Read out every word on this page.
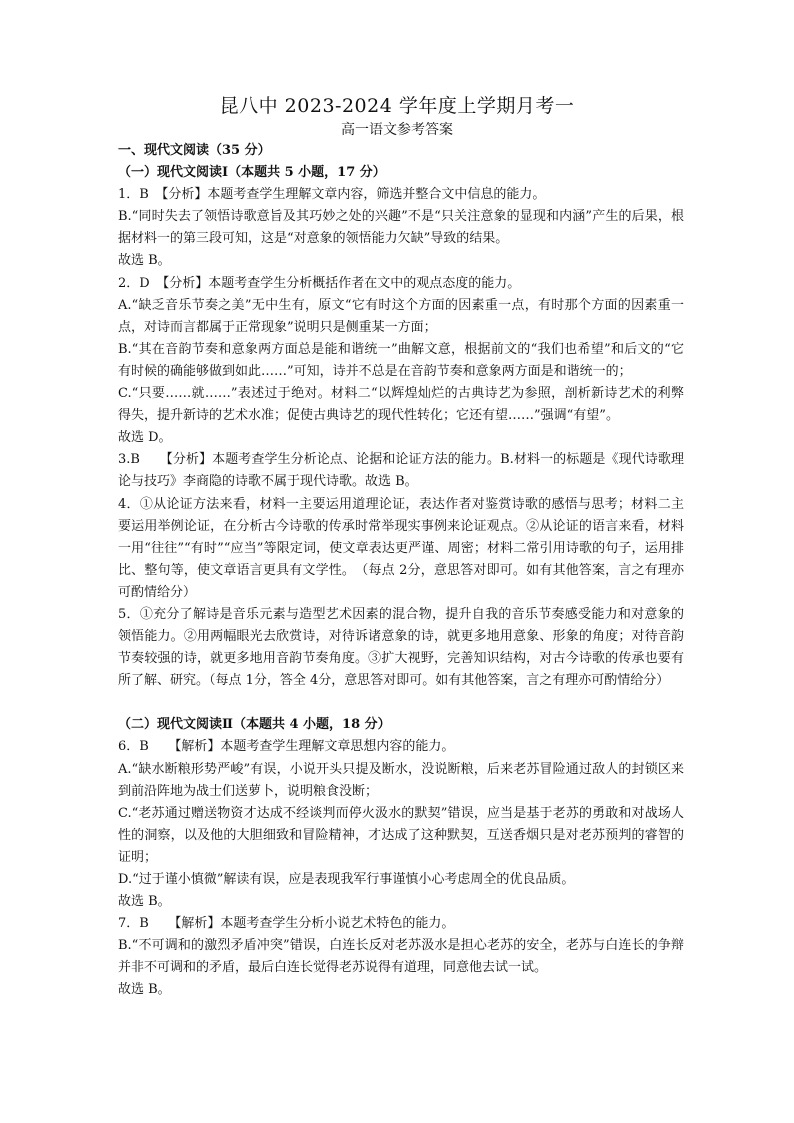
昆八中 2023-2024 学年度上学期月考一
高一语文参考答案

一、现代文阅读（35 分）

（一）现代文阅读Ⅰ（本题共 5 小题，17 分）

1．B　【分析】本题考查学生理解文章内容，筛选并整合文中信息的能力。

B.“同时失去了领悟诗歌意旨及其巧妙之处的兴趣”不是“只关注意象的显现和内涵”产生的后果，根据材料一的第三段可知，这是“对意象的领悟能力欠缺”导致的结果。

故选 B。

2．D　【分析】本题考查学生分析概括作者在文中的观点态度的能力。

A.“缺乏音乐节奏之美”无中生有，原文“它有时这个方面的因素重一点，有时那个方面的因素重一点，对诗而言都属于正常现象”说明只是侧重某一方面；

B.“其在音韵节奏和意象两方面总是能和谐统一”曲解文意，根据前文的“我们也希望”和后文的“它有时候的确能够做到如此……”可知，诗并不总是在音韵节奏和意象两方面是和谐统一的；

C.“只要……就……”表述过于绝对。材料二“以辉煌灿烂的古典诗艺为参照，剖析新诗艺术的利弊得失，提升新诗的艺术水准；促使古典诗艺的现代性转化；它还有望……”强调“有望”。

故选 D。

3.B　　【分析】本题考查学生分析论点、论据和论证方法的能力。B.材料一的标题是《现代诗歌理论与技巧》李商隐的诗歌不属于现代诗歌。故选 B。

4．①从论证方法来看，材料一主要运用道理论证，表达作者对鉴赏诗歌的感悟与思考；材料二主要运用举例论证，在分析古今诗歌的传承时常举现实事例来论证观点。②从论证的语言来看，材料一用“往往”“有时”“应当”等限定词，使文章表达更严谨、周密；材料二常引用诗歌的句子，运用排比、整句等，使文章语言更具有文学性。　（每点 2分，意思答对即可。如有其他答案，言之有理亦可酌情给分）

5．①充分了解诗是音乐元素与造型艺术因素的混合物，提升自我的音乐节奏感受能力和对意象的领悟能力。②用两幅眼光去欣赏诗，对待诉诸意象的诗，就更多地用意象、形象的角度；对待音韵节奏较强的诗，就更多地用音韵节奏角度。③扩大视野，完善知识结构，对古今诗歌的传承也要有所了解、研究。（每点 1分，答全 4分，意思答对即可。如有其他答案，言之有理亦可酌情给分）

（二）现代文阅读Ⅱ（本题共 4 小题，18 分）

6．B　　【解析】本题考查学生理解文章思想内容的能力。

A.“缺水断粮形势严峻”有误，小说开头只提及断水，没说断粮，后来老苏冒险通过敌人的封锁区来到前沿阵地为战士们送萝卜，说明粮食没断；

C.“老苏通过赠送物资才达成不经谈判而停火汲水的默契”错误，应当是基于老苏的勇敢和对战场人性的洞察，以及他的大胆细致和冒险精神，才达成了这种默契，互送香烟只是对老苏预判的睿智的证明；

D.“过于谨小慎微”解读有误，应是表现我军行事谨慎小心考虑周全的优良品质。

故选 B。

7．B　　【解析】本题考查学生分析小说艺术特色的能力。

B.“不可调和的激烈矛盾冲突”错误，白连长反对老苏汲水是担心老苏的安全，老苏与白连长的争辩并非不可调和的矛盾，最后白连长觉得老苏说得有道理，同意他去试一试。

故选 B。
